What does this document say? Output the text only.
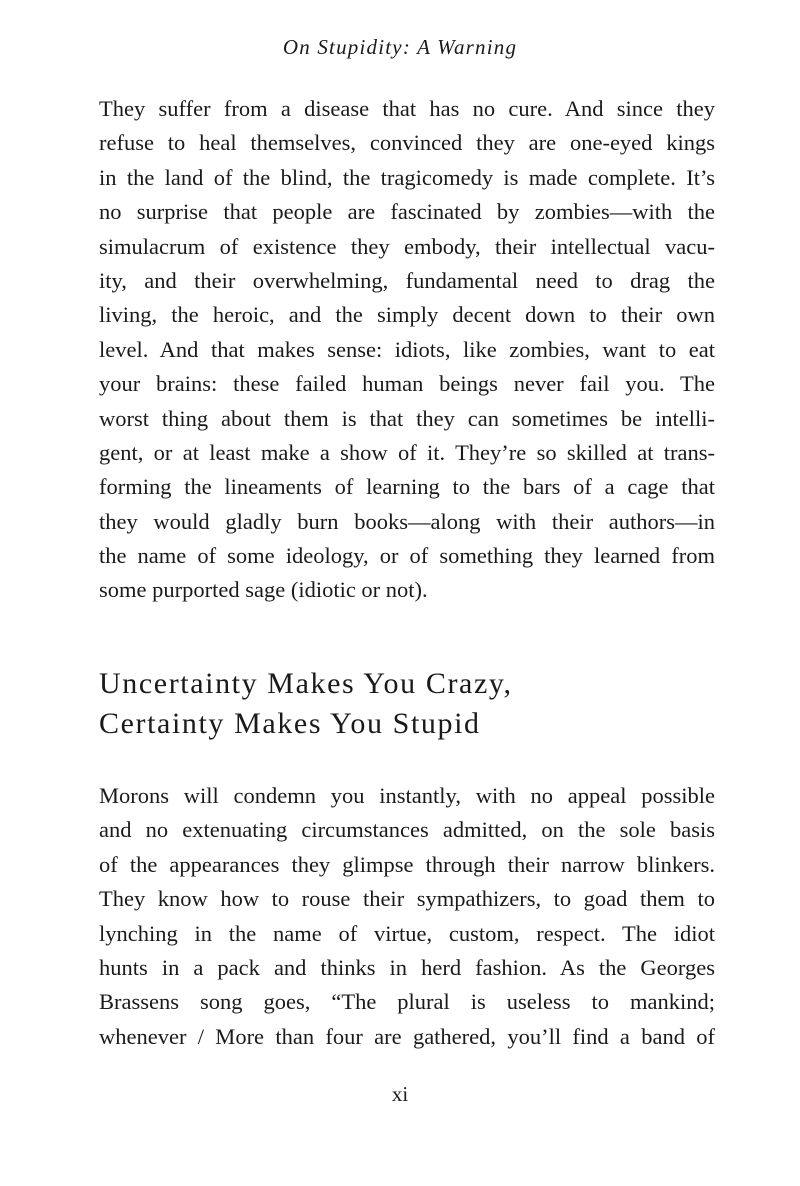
On Stupidity: A Warning
They suffer from a disease that has no cure. And since they
refuse to heal themselves, convinced they are one-eyed kings
in the land of the blind, the tragicomedy is made complete. It’s
no surprise that people are fascinated by zombies—with the
simulacrum of existence they embody, their intellectual vacu-
ity, and their overwhelming, fundamental need to drag the
living, the heroic, and the simply decent down to their own
level. And that makes sense: idiots, like zombies, want to eat
your brains: these failed human beings never fail you. The
worst thing about them is that they can sometimes be intelli-
gent, or at least make a show of it. They’re so skilled at trans-
forming the lineaments of learning to the bars of a cage that
they would gladly burn books—along with their authors—in
the name of some ideology, or of something they learned from
some purported sage (idiotic or not).
Uncertainty Makes You Crazy,
Certainty Makes You Stupid
Morons will condemn you instantly, with no appeal possible
and no extenuating circumstances admitted, on the sole basis
of the appearances they glimpse through their narrow blinkers.
They know how to rouse their sympathizers, to goad them to
lynching in the name of virtue, custom, respect. The idiot
hunts in a pack and thinks in herd fashion. As the Georges
Brassens song goes, “The plural is useless to mankind;
whenever / More than four are gathered, you’ll find a band of
xi
